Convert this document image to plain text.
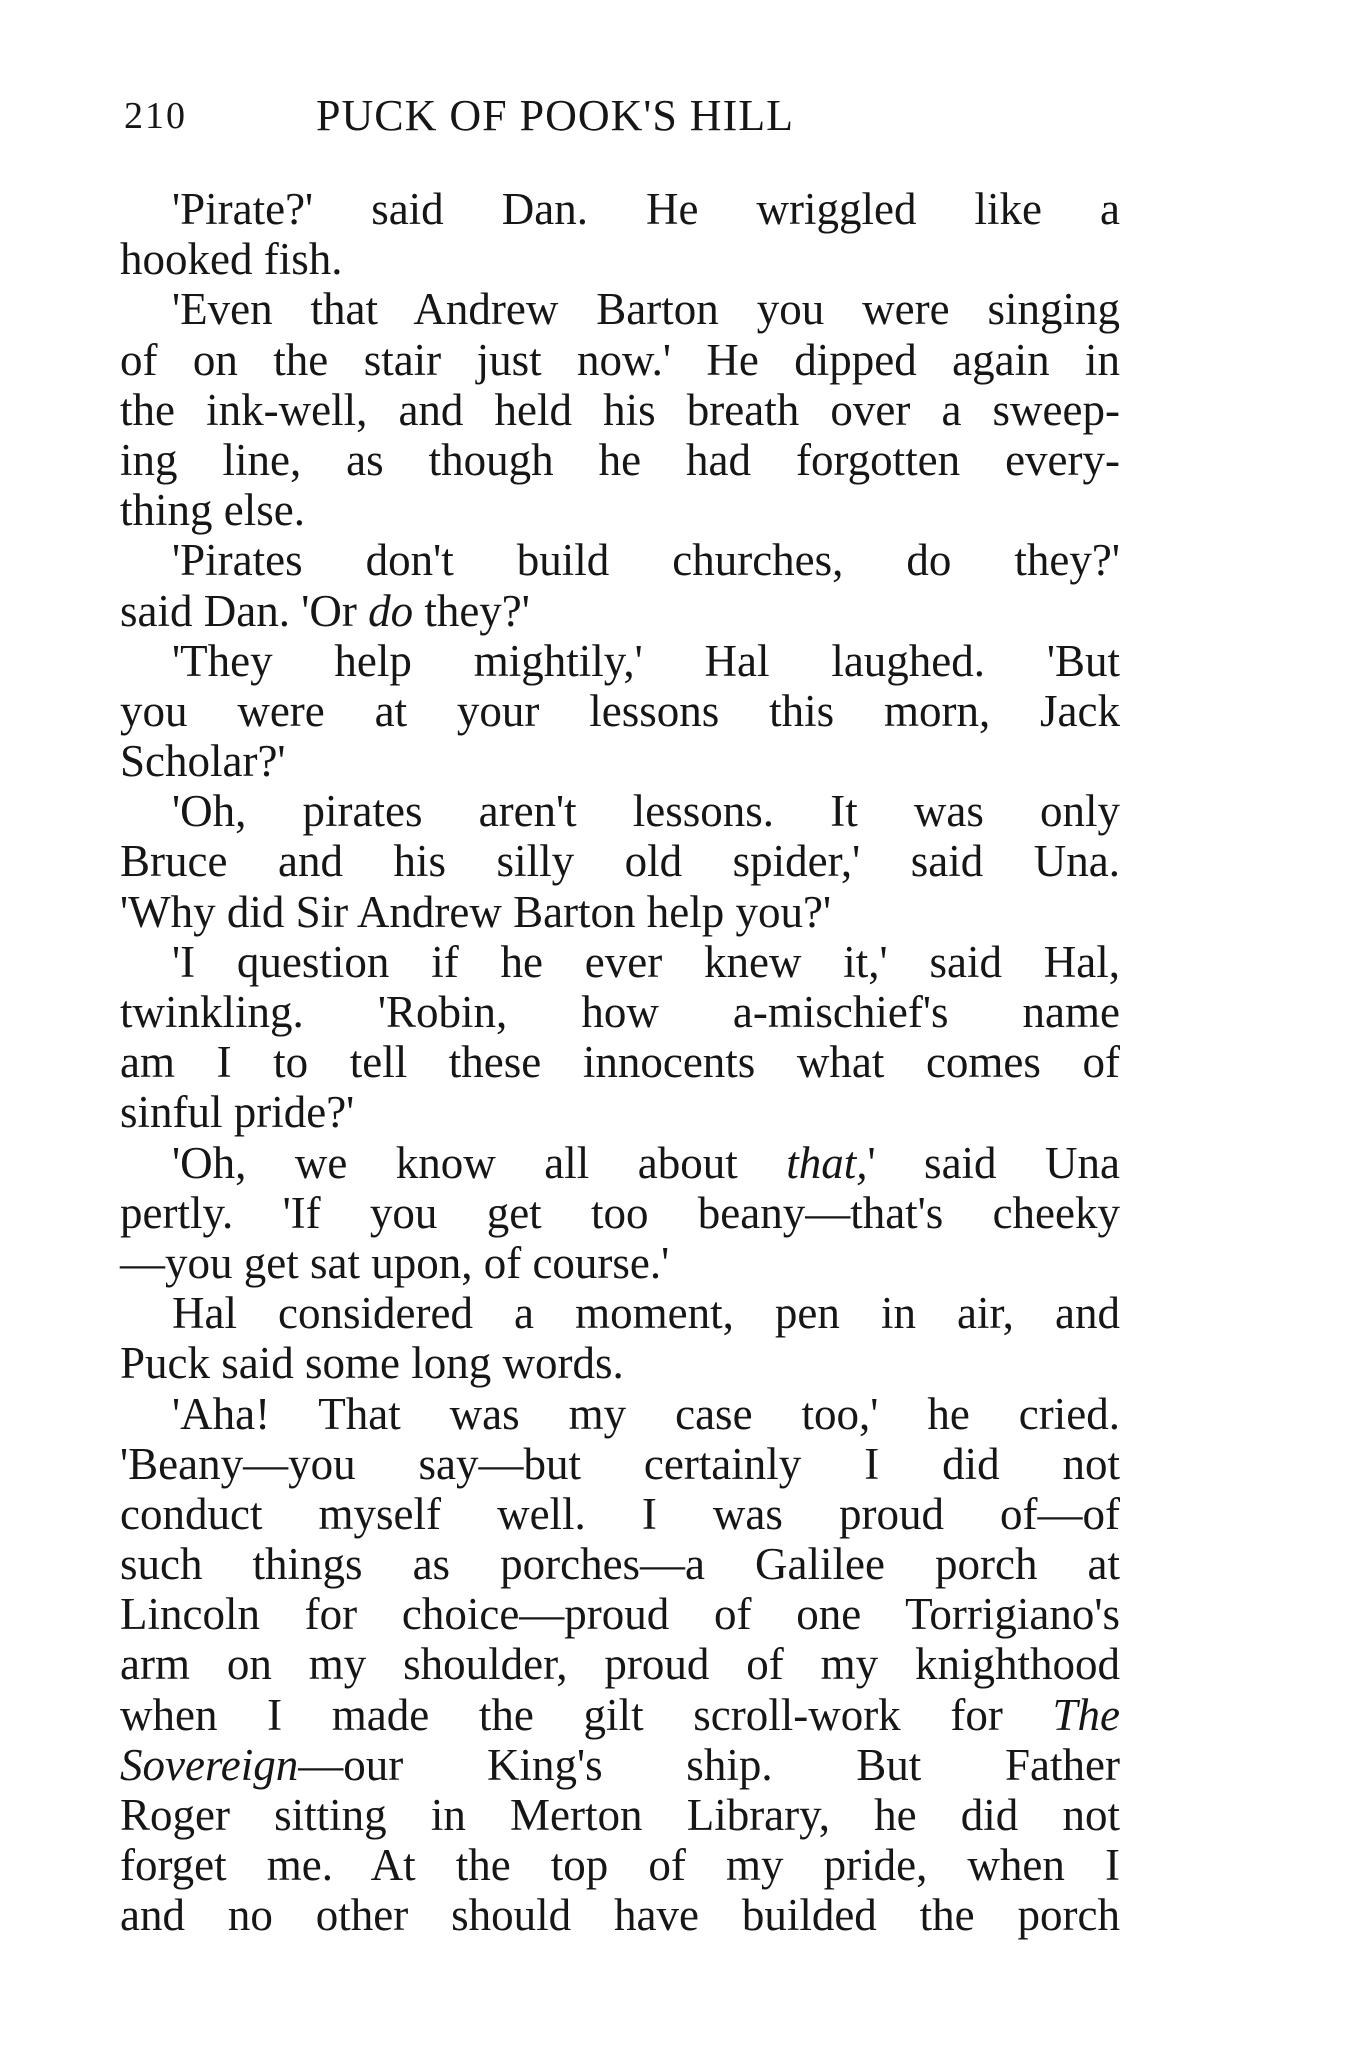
210	PUCK OF POOK'S HILL
'Pirate?' said Dan. He wriggled like a
hooked fish.
'Even that Andrew Barton you were singing
of on the stair just now.' He dipped again in
the ink-well, and held his breath over a sweep-
ing line, as though he had forgotten every-
thing else.
'Pirates don't build churches, do they?'
said Dan. 'Or do they?'
'They help mightily,' Hal laughed. 'But
you were at your lessons this morn, Jack
Scholar?'
'Oh, pirates aren't lessons. It was only
Bruce and his silly old spider,' said Una.
'Why did Sir Andrew Barton help you?'
'I question if he ever knew it,' said Hal,
twinkling. 'Robin, how a-mischief's name
am I to tell these innocents what comes of
sinful pride?'
'Oh, we know all about that,' said Una
pertly. 'If you get too beany—that's cheeky
—you get sat upon, of course.'
Hal considered a moment, pen in air, and
Puck said some long words.
'Aha! That was my case too,' he cried.
'Beany—you say—but certainly I did not
conduct myself well. I was proud of—of
such things as porches—a Galilee porch at
Lincoln for choice—proud of one Torrigiano's
arm on my shoulder, proud of my knighthood
when I made the gilt scroll-work for The
Sovereign—our King's ship. But Father
Roger sitting in Merton Library, he did not
forget me. At the top of my pride, when I
and no other should have builded the porch
